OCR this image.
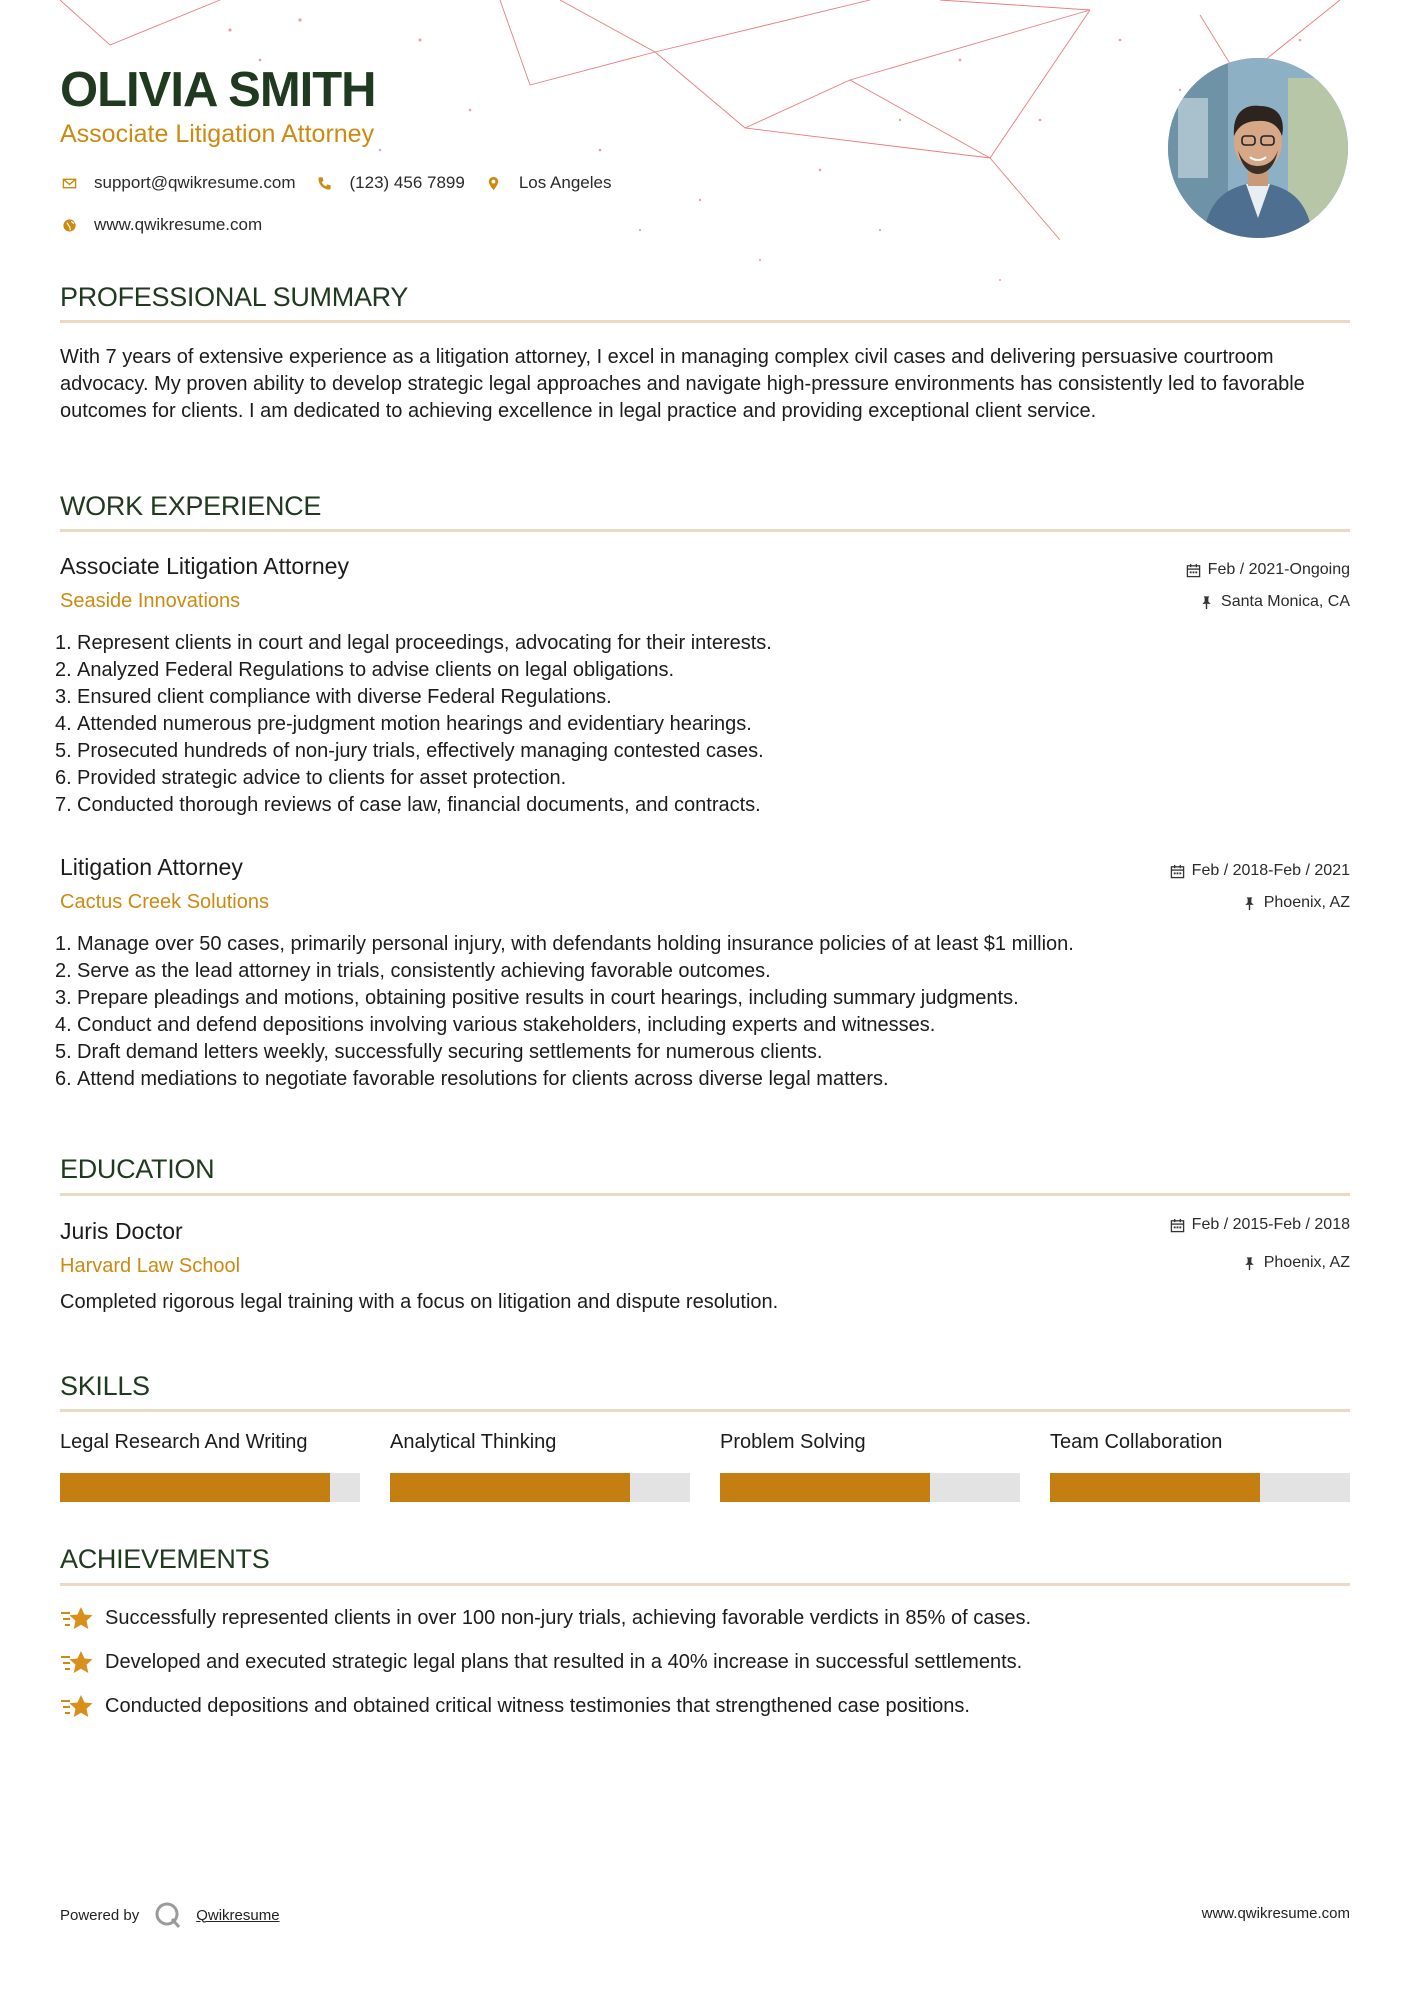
OLIVIA SMITH
Associate Litigation Attorney
support@qwikresume.com	(123) 456 7899	Los Angeles
www.qwikresume.com
PROFESSIONAL SUMMARY
With 7 years of extensive experience as a litigation attorney, I excel in managing complex civil cases and delivering persuasive courtroom advocacy. My proven ability to develop strategic legal approaches and navigate high-pressure environments has consistently led to favorable outcomes for clients. I am dedicated to achieving excellence in legal practice and providing exceptional client service.
WORK EXPERIENCE
Associate Litigation Attorney
Seaside Innovations
Feb / 2021-Ongoing
Santa Monica, CA
1. Represent clients in court and legal proceedings, advocating for their interests.
2. Analyzed Federal Regulations to advise clients on legal obligations.
3. Ensured client compliance with diverse Federal Regulations.
4. Attended numerous pre-judgment motion hearings and evidentiary hearings.
5. Prosecuted hundreds of non-jury trials, effectively managing contested cases.
6. Provided strategic advice to clients for asset protection.
7. Conducted thorough reviews of case law, financial documents, and contracts.
Litigation Attorney
Cactus Creek Solutions
Feb / 2018-Feb / 2021
Phoenix, AZ
1. Manage over 50 cases, primarily personal injury, with defendants holding insurance policies of at least $1 million.
2. Serve as the lead attorney in trials, consistently achieving favorable outcomes.
3. Prepare pleadings and motions, obtaining positive results in court hearings, including summary judgments.
4. Conduct and defend depositions involving various stakeholders, including experts and witnesses.
5. Draft demand letters weekly, successfully securing settlements for numerous clients.
6. Attend mediations to negotiate favorable resolutions for clients across diverse legal matters.
EDUCATION
Juris Doctor
Harvard Law School
Feb / 2015-Feb / 2018
Phoenix, AZ
Completed rigorous legal training with a focus on litigation and dispute resolution.
SKILLS
Legal Research And Writing	Analytical Thinking	Problem Solving	Team Collaboration
ACHIEVEMENTS
Successfully represented clients in over 100 non-jury trials, achieving favorable verdicts in 85% of cases.
Developed and executed strategic legal plans that resulted in a 40% increase in successful settlements.
Conducted depositions and obtained critical witness testimonies that strengthened case positions.
Powered by	Qwikresume	www.qwikresume.com
